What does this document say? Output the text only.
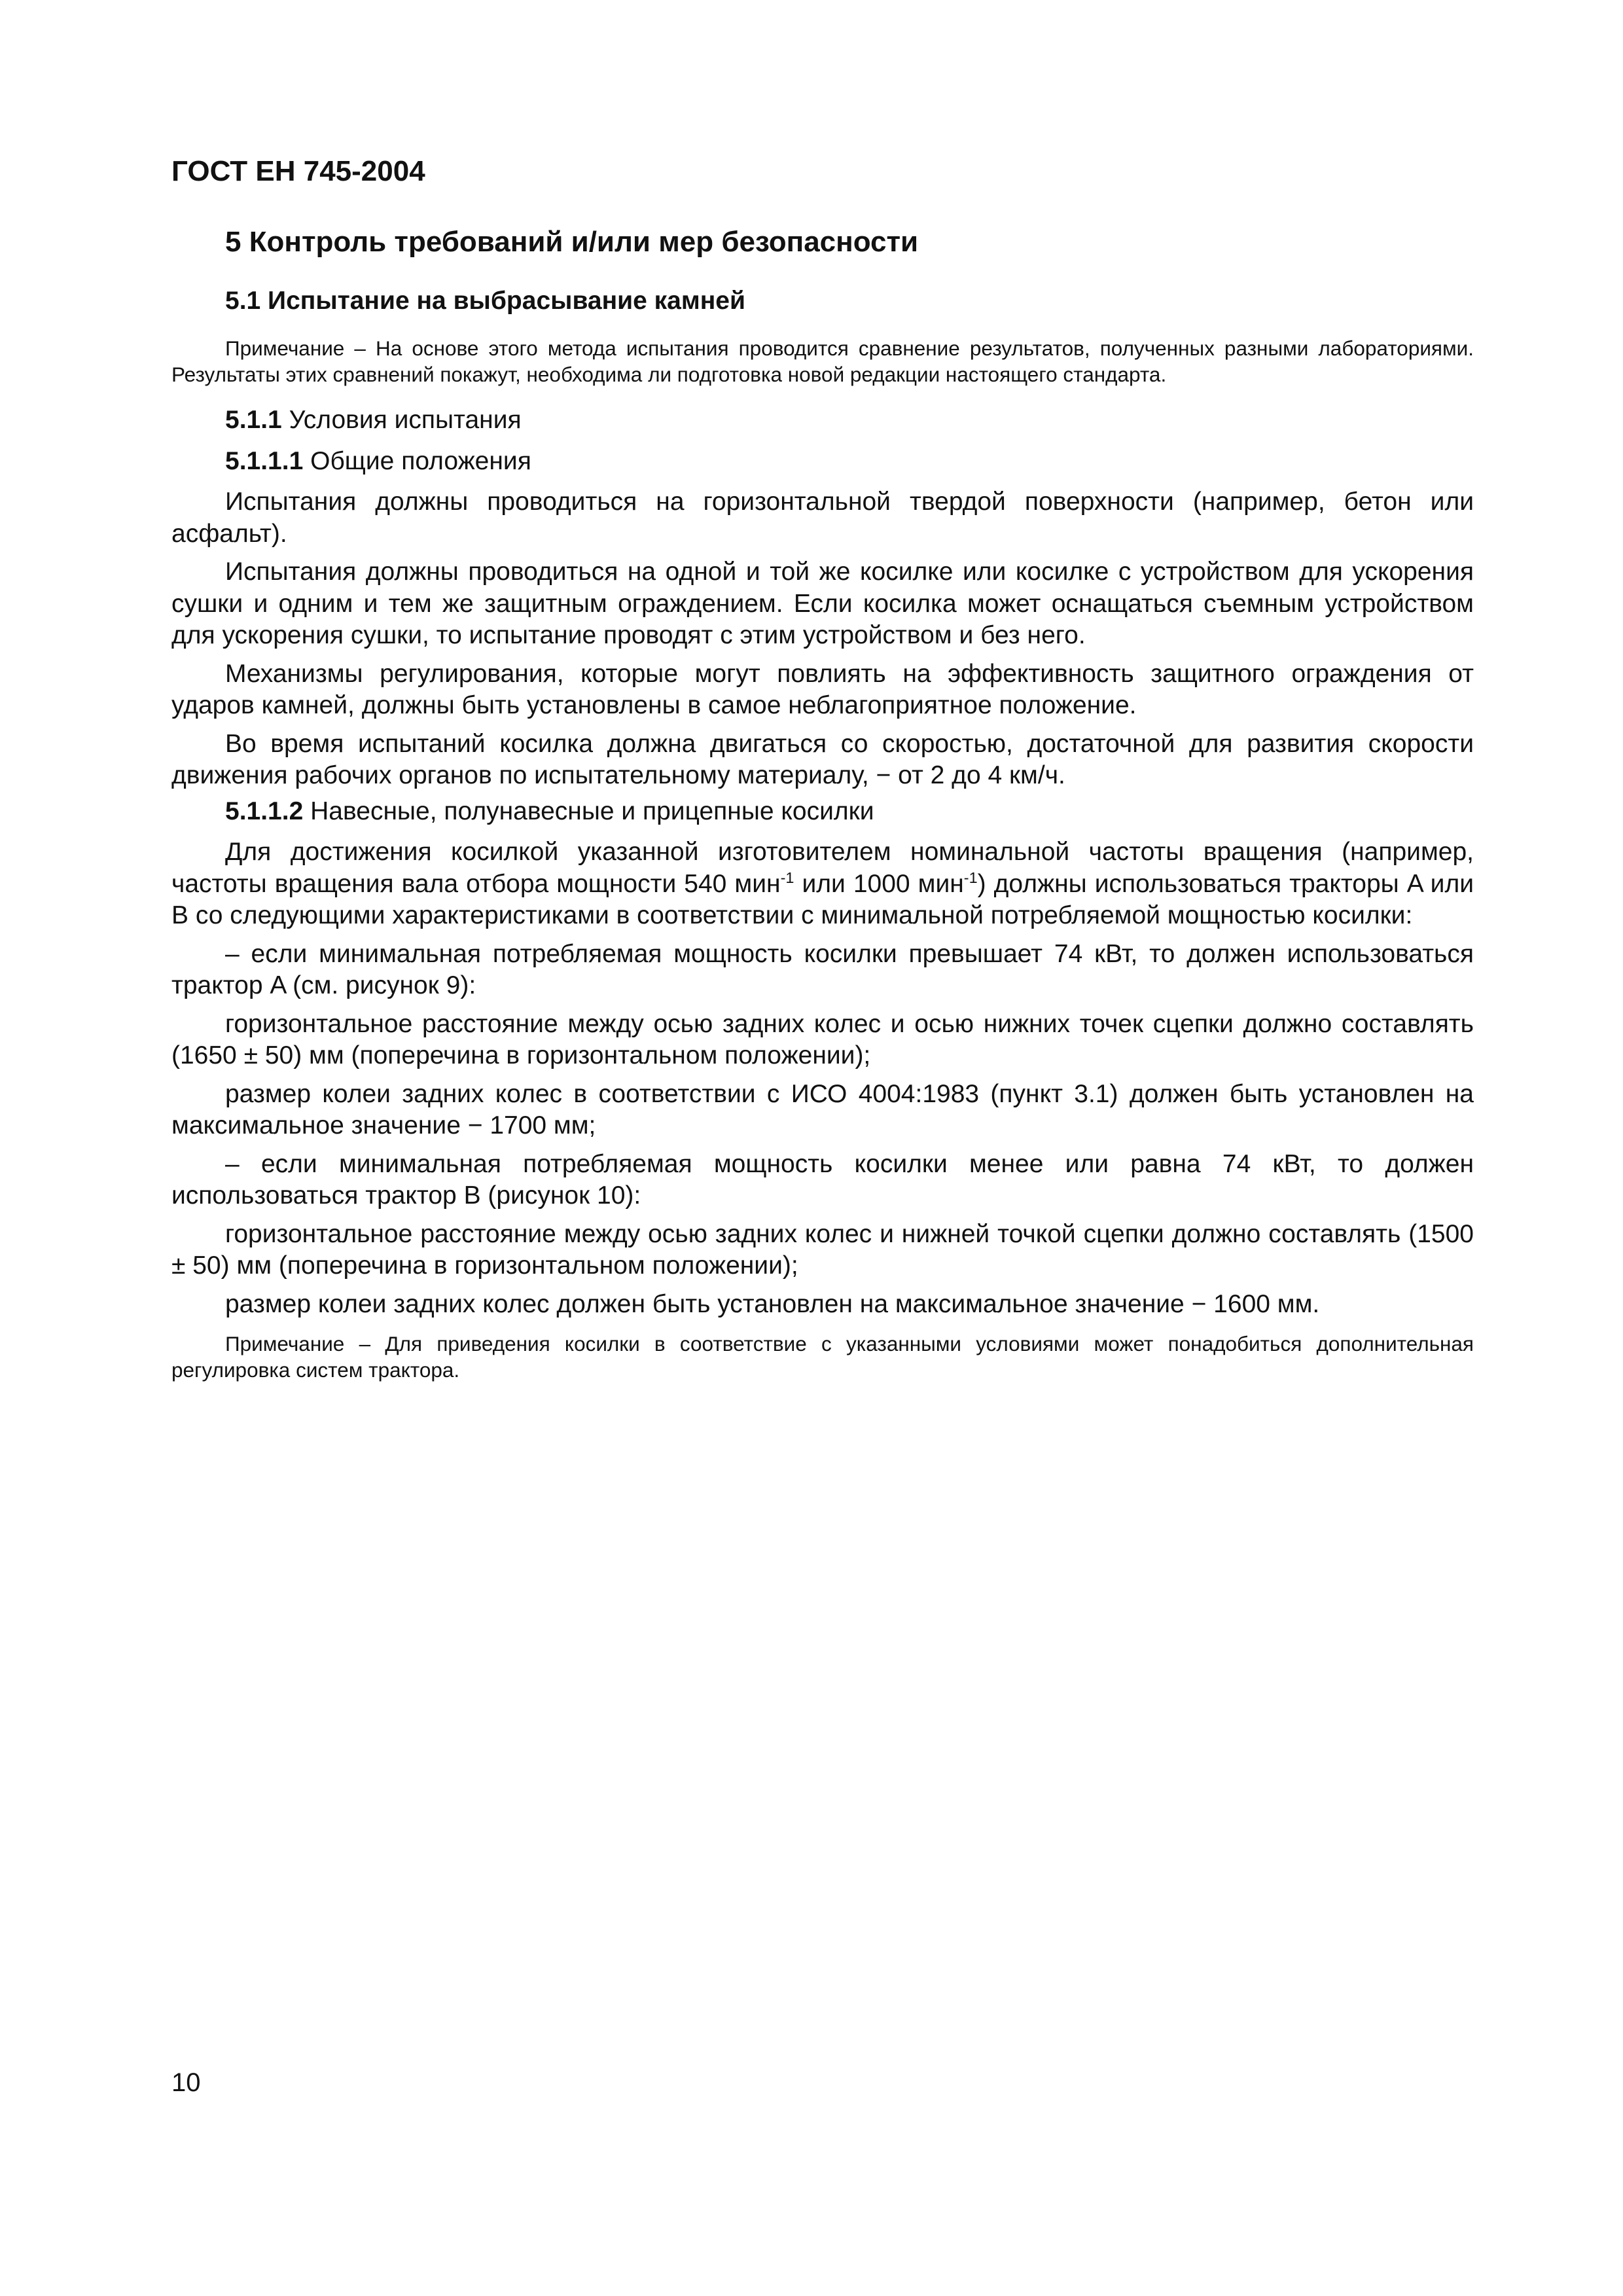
ГОСТ ЕН 745-2004

5 Контроль требований и/или мер безопасности
5.1 Испытание на выбрасывание камней

Примечание – На основе этого метода испытания проводится сравнение результатов, полученных разными лабораториями. Результаты этих сравнений покажут, необходима ли подготовка новой редакции настоящего стандарта.

5.1.1 Условия испытания

5.1.1.1 Общие положения

Испытания должны проводиться на горизонтальной твердой поверхности (например, бетон или асфальт).

Испытания должны проводиться на одной и той же косилке или косилке с устройством для ускорения сушки и одним и тем же защитным ограждением. Если косилка может оснащаться съемным устройством для ускорения сушки, то испытание проводят с этим устройством и без него.

Механизмы регулирования, которые могут повлиять на эффективность защитного ограждения от ударов камней, должны быть установлены в самое неблагоприятное положение.

Во время испытаний косилка должна двигаться со скоростью, достаточной для развития скорости движения рабочих органов по испытательному материалу, − от 2 до 4 км/ч.

5.1.1.2 Навесные, полунавесные и прицепные косилки

Для достижения косилкой указанной изготовителем номинальной частоты вращения (например, частоты вращения вала отбора мощности 540 мин$^{-1}$ или 1000 мин$^{-1}$) должны использоваться тракторы A или B со следующими характеристиками в соответствии с минимальной потребляемой мощностью косилки:

– если минимальная потребляемая мощность косилки превышает 74 кВт, то должен использоваться трактор A (см. рисунок 9):

горизонтальное расстояние между осью задних колес и осью нижних точек сцепки должно составлять (1650 ± 50) мм (поперечина в горизонтальном положении);

размер колеи задних колес в соответствии с ИСО 4004:1983 (пункт 3.1) должен быть установлен на максимальное значение − 1700 мм;

– если минимальная потребляемая мощность косилки менее или равна 74 кВт, то должен использоваться трактор B (рисунок 10):

горизонтальное расстояние между осью задних колес и нижней точкой сцепки должно составлять (1500 ± 50) мм (поперечина в горизонтальном положении);

размер колеи задних колес должен быть установлен на максимальное значение − 1600 мм.

Примечание – Для приведения косилки в соответствие с указанными условиями может понадобиться дополнительная регулировка систем трактора.

10
